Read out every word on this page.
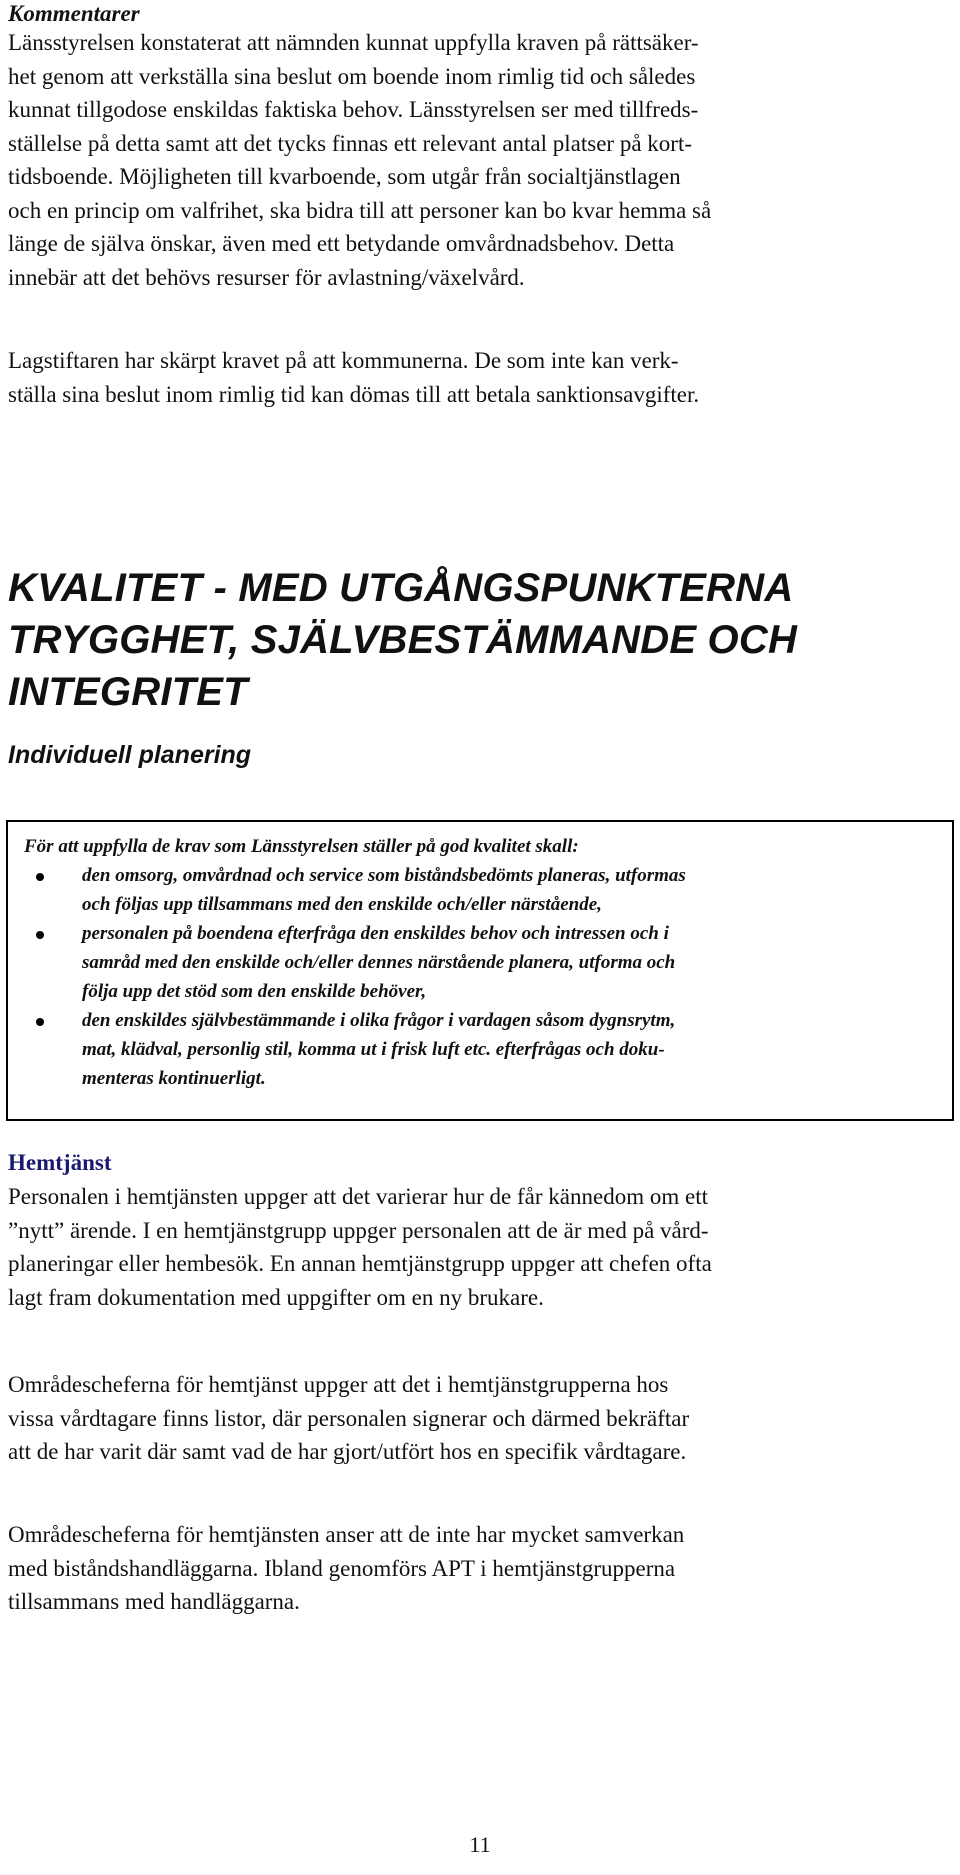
Kommentarer

Länsstyrelsen konstaterat att nämnden kunnat uppfylla kraven på rättsäker-
het genom att verkställa sina beslut om boende inom rimlig tid och således
kunnat tillgodose enskildas faktiska behov. Länsstyrelsen ser med tillfreds-
ställelse på detta samt att det tycks finnas ett relevant antal platser på kort-
tidsboende. Möjligheten till kvarboende, som utgår från socialtjänstlagen
och en princip om valfrihet, ska bidra till att personer kan bo kvar hemma så
länge de själva önskar, även med ett betydande omvårdnadsbehov. Detta
innebär att det behövs resurser för avlastning/växelvård.

Lagstiftaren har skärpt kravet på att kommunerna. De som inte kan verk-
ställa sina beslut inom rimlig tid kan dömas till att betala sanktionsavgifter.

KVALITET - MED UTGÅNGSPUNKTERNA
TRYGGHET, SJÄLVBESTÄMMANDE OCH
INTEGRITET
Individuell planering
För att uppfylla de krav som Länsstyrelsen ställer på god kvalitet skall:
den omsorg, omvårdnad och service som biståndsbedömts planeras, utformas
och följas upp tillsammans med den enskilde och/eller närstående,
personalen på boendena efterfråga den enskildes behov och intressen och i
samråd med den enskilde och/eller dennes närstående planera, utforma och
följa upp det stöd som den enskilde behöver,
den enskildes självbestämmande i olika frågor i vardagen såsom dygnsrytm,
mat, klädval, personlig stil, komma ut i frisk luft etc. efterfrågas och doku-
menteras kontinuerligt.
Hemtjänst

Personalen i hemtjänsten uppger att det varierar hur de får kännedom om ett
”nytt” ärende. I en hemtjänstgrupp uppger personalen att de är med på vård-
planeringar eller hembesök. En annan hemtjänstgrupp uppger att chefen ofta
lagt fram dokumentation med uppgifter om en ny brukare.

Områdescheferna för hemtjänst uppger att det i hemtjänstgrupperna hos
vissa vårdtagare finns listor, där personalen signerar och därmed bekräftar
att de har varit där samt vad de har gjort/utfört hos en specifik vårdtagare.

Områdescheferna för hemtjänsten anser att de inte har mycket samverkan
med biståndshandläggarna. Ibland genomförs APT i hemtjänstgrupperna
tillsammans med handläggarna.

11
